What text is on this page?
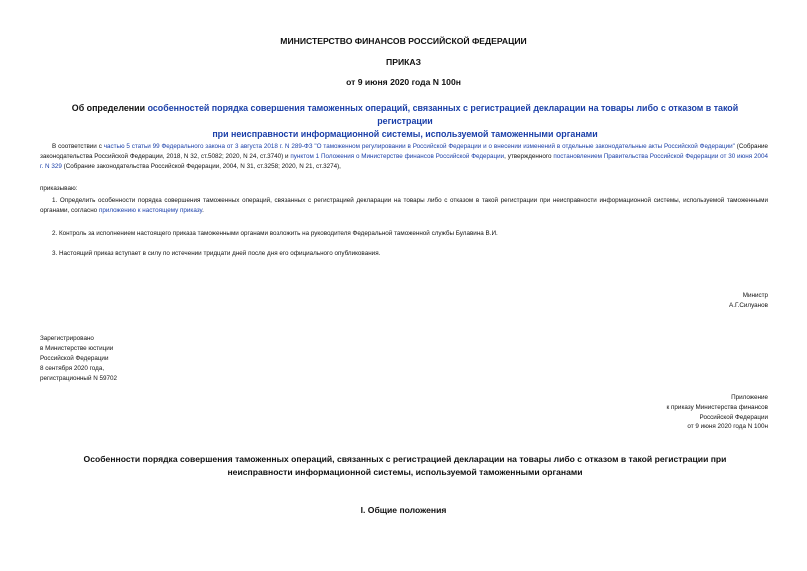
МИНИСТЕРСТВО ФИНАНСОВ РОССИЙСКОЙ ФЕДЕРАЦИИ
ПРИКАЗ
от 9 июня 2020 года N 100н
Об определении особенностей порядка совершения таможенных операций, связанных с регистрацией декларации на товары либо с отказом в такой регистрации
при неисправности информационной системы, используемой таможенными органами
В соответствии с частью 5 статьи 99 Федерального закона от 3 августа 2018 г. N 289-ФЗ "О таможенном регулировании в Российской Федерации и о внесении изменений в отдельные законодательные акты Российской Федерации" (Собрание законодательства Российской Федерации, 2018, N 32, ст.5082; 2020, N 24, ст.3740) и пунктом 1 Положения о Министерстве финансов Российской Федерации, утвержденного постановлением Правительства Российской Федерации от 30 июня 2004 г. N 329 (Собрание законодательства Российской Федерации, 2004, N 31, ст.3258; 2020, N 21, ст.3274),
приказываю:
1. Определить особенности порядка совершения таможенных операций, связанных с регистрацией декларации на товары либо с отказом в такой регистрации при неисправности информационной системы, используемой таможенными органами, согласно приложению к настоящему приказу.
2. Контроль за исполнением настоящего приказа таможенными органами возложить на руководителя Федеральной таможенной службы Булавина В.И.
3. Настоящий приказ вступает в силу по истечении тридцати дней после дня его официального опубликования.
Министр
А.Г.Силуанов
Зарегистрировано
в Министерстве юстиции
Российской Федерации
8 сентября 2020 года,
регистрационный N 59702
Приложение
к приказу Министерства финансов
Российской Федерации
от 9 июня 2020 года N 100н
Особенности порядка совершения таможенных операций, связанных с регистрацией декларации на товары либо с отказом в такой регистрации при
неисправности информационной системы, используемой таможенными органами
I. Общие положения
